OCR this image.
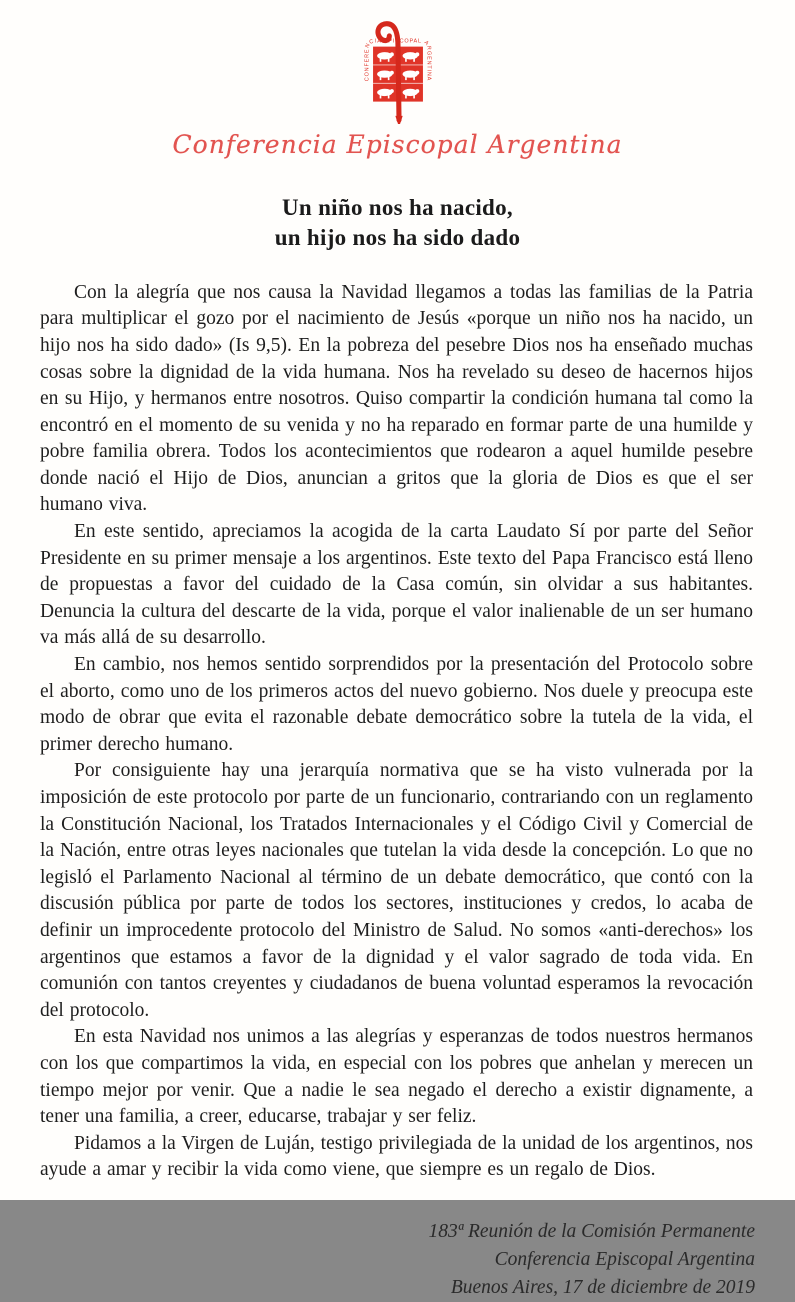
CONFERENCIA EPISCOPAL ARGENTINA
Conferencia Episcopal Argentina
Un niño nos ha nacido,
un hijo nos ha sido dado

Con la alegría que nos causa la Navidad llegamos a todas las familias de la Patria para multiplicar el gozo por el nacimiento de Jesús «porque un niño nos ha nacido, un hijo nos ha sido dado» (Is 9,5). En la pobreza del pesebre Dios nos ha enseñado muchas cosas sobre la dignidad de la vida humana. Nos ha revelado su deseo de hacernos hijos en su Hijo, y hermanos entre nosotros. Quiso compartir la condición humana tal como la encontró en el momento de su venida y no ha reparado en formar parte de una humilde y pobre familia obrera. Todos los acontecimientos que rodearon a aquel humilde pesebre donde nació el Hijo de Dios, anuncian a gritos que la gloria de Dios es que el ser humano viva.

En este sentido, apreciamos la acogida de la carta Laudato Sí por parte del Señor Presidente en su primer mensaje a los argentinos. Este texto del Papa Francisco está lleno de propuestas a favor del cuidado de la Casa común, sin olvidar a sus habitantes. Denuncia la cultura del descarte de la vida, porque el valor inalienable de un ser humano va más allá de su desarrollo.

En cambio, nos hemos sentido sorprendidos por la presentación del Protocolo sobre el aborto, como uno de los primeros actos del nuevo gobierno. Nos duele y preocupa este modo de obrar que evita el razonable debate democrático sobre la tutela de la vida, el primer derecho humano.

Por consiguiente hay una jerarquía normativa que se ha visto vulnerada por la imposición de este protocolo por parte de un funcionario, contrariando con un reglamento la Constitución Nacional, los Tratados Internacionales y el Código Civil y Comercial de la Nación, entre otras leyes nacionales que tutelan la vida desde la concepción. Lo que no legisló el Parlamento Nacional al término de un debate democrático, que contó con la discusión pública por parte de todos los sectores, instituciones y credos, lo acaba de definir un improcedente protocolo del Ministro de Salud. No somos «anti-derechos» los argentinos que estamos a favor de la dignidad y el valor sagrado de toda vida. En comunión con tantos creyentes y ciudadanos de buena voluntad esperamos la revocación del protocolo.

En esta Navidad nos unimos a las alegrías y esperanzas de todos nuestros hermanos con los que compartimos la vida, en especial con los pobres que anhelan y merecen un tiempo mejor por venir. Que a nadie le sea negado el derecho a existir dignamente, a tener una familia, a creer, educarse, trabajar y ser feliz.

Pidamos a la Virgen de Luján, testigo privilegiada de la unidad de los argentinos, nos ayude a amar y recibir la vida como viene, que siempre es un regalo de Dios.

183ª Reunión de la Comisión Permanente
Conferencia Episcopal Argentina
Buenos Aires, 17 de diciembre de 2019
